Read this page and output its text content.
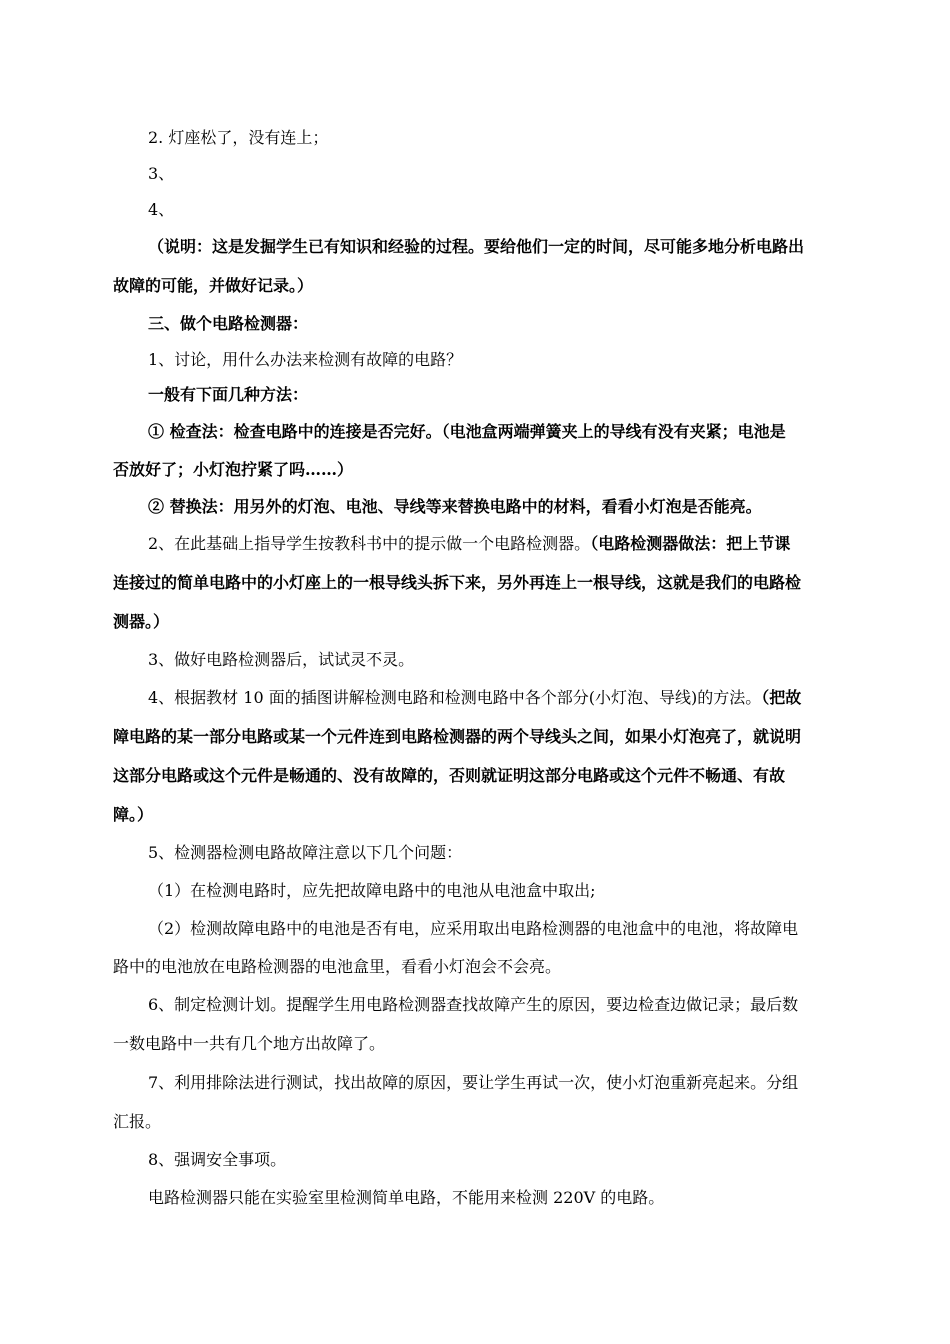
2. 灯座松了，没有连上；
3、
4、
（说明：这是发掘学生已有知识和经验的过程。要给他们一定的时间，尽可能多地分析电路出
故障的可能，并做好记录。）
三、做个电路检测器：
1、讨论，用什么办法来检测有故障的电路？
一般有下面几种方法：
① 检查法：检查电路中的连接是否完好。（电池盒两端弹簧夹上的导线有没有夹紧；电池是
否放好了；小灯泡拧紧了吗……）
② 替换法：用另外的灯泡、电池、导线等来替换电路中的材料，看看小灯泡是否能亮。
2、在此基础上指导学生按教科书中的提示做一个电路检测器。（电路检测器做法：把上节课
连接过的简单电路中的小灯座上的一根导线头拆下来，另外再连上一根导线，这就是我们的电路检
测器。）
3、做好电路检测器后，试试灵不灵。
4、根据教材 10 面的插图讲解检测电路和检测电路中各个部分(小灯泡、导线)的方法。（把故
障电路的某一部分电路或某一个元件连到电路检测器的两个导线头之间，如果小灯泡亮了，就说明
这部分电路或这个元件是畅通的、没有故障的，否则就证明这部分电路或这个元件不畅通、有故
障。）
5、检测器检测电路故障注意以下几个问题：
（1）在检测电路时，应先把故障电路中的电池从电池盒中取出;
（2）检测故障电路中的电池是否有电，应采用取出电路检测器的电池盒中的电池，将故障电
路中的电池放在电路检测器的电池盒里，看看小灯泡会不会亮。
6、制定检测计划。提醒学生用电路检测器查找故障产生的原因，要边检查边做记录；最后数
一数电路中一共有几个地方出故障了。
7、利用排除法进行测试，找出故障的原因，要让学生再试一次，使小灯泡重新亮起来。分组
汇报。
8、强调安全事项。
电路检测器只能在实验室里检测简单电路，不能用来检测 220V 的电路。
